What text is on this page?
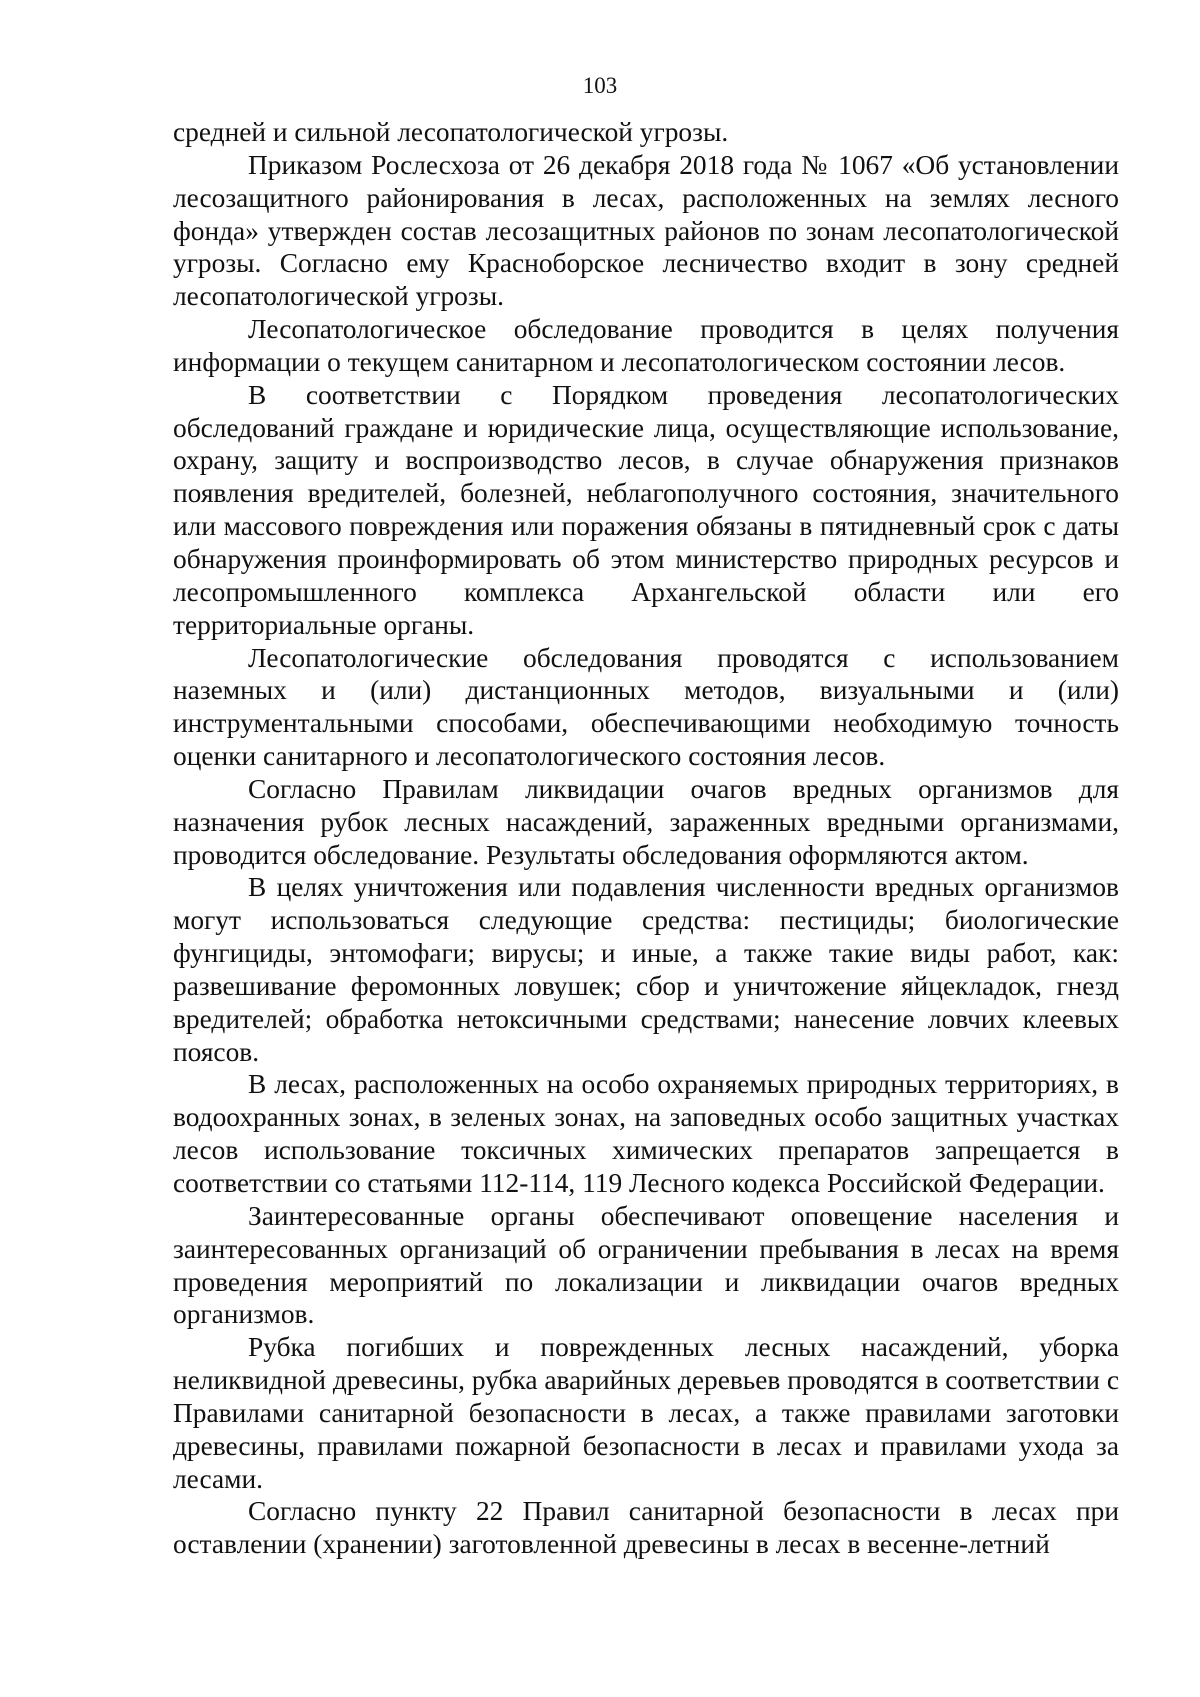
103

средней и сильной лесопатологической угрозы.

Приказом Рослесхоза от 26 декабря 2018 года № 1067 «Об установлении лесозащитного районирования в лесах, расположенных на землях лесного фонда» утвержден состав лесозащитных районов по зонам лесопатологической угрозы. Согласно ему Красноборское лесничество входит в зону средней лесопатологической угрозы.

Лесопатологическое обследование проводится в целях получения информации о текущем санитарном и лесопатологическом состоянии лесов.

В соответствии с Порядком проведения лесопатологических обследований граждане и юридические лица, осуществляющие использование, охрану, защиту и воспроизводство лесов, в случае обнаружения признаков появления вредителей, болезней, неблагополучного состояния, значительного или массового повреждения или поражения обязаны в пятидневный срок с даты обнаружения проинформировать об этом министерство природных ресурсов и лесопромышленного комплекса Архангельской области или его территориальные органы.

Лесопатологические обследования проводятся с использованием наземных и (или) дистанционных методов, визуальными и (или) инструментальными способами, обеспечивающими необходимую точность оценки санитарного и лесопатологического состояния лесов.

Согласно Правилам ликвидации очагов вредных организмов для назначения рубок лесных насаждений, зараженных вредными организмами, проводится обследование. Результаты обследования оформляются актом.

В целях уничтожения или подавления численности вредных организмов могут использоваться следующие средства: пестициды; биологические фунгициды, энтомофаги; вирусы; и иные, а также такие виды работ, как: развешивание феромонных ловушек; сбор и уничтожение яйцекладок, гнезд вредителей; обработка нетоксичными средствами; нанесение ловчих клеевых поясов.

В лесах, расположенных на особо охраняемых природных территориях, в водоохранных зонах, в зеленых зонах, на заповедных особо защитных участках лесов использование токсичных химических препаратов запрещается в соответствии со статьями 112-114, 119 Лесного кодекса Российской Федерации.

Заинтересованные органы обеспечивают оповещение населения и заинтересованных организаций об ограничении пребывания в лесах на время проведения мероприятий по локализации и ликвидации очагов вредных организмов.

Рубка погибших и поврежденных лесных насаждений, уборка неликвидной древесины, рубка аварийных деревьев проводятся в соответствии с Правилами санитарной безопасности в лесах, а также правилами заготовки древесины, правилами пожарной безопасности в лесах и правилами ухода за лесами.

Согласно пункту 22 Правил санитарной безопасности в лесах при оставлении (хранении) заготовленной древесины в лесах в весенне-летний
